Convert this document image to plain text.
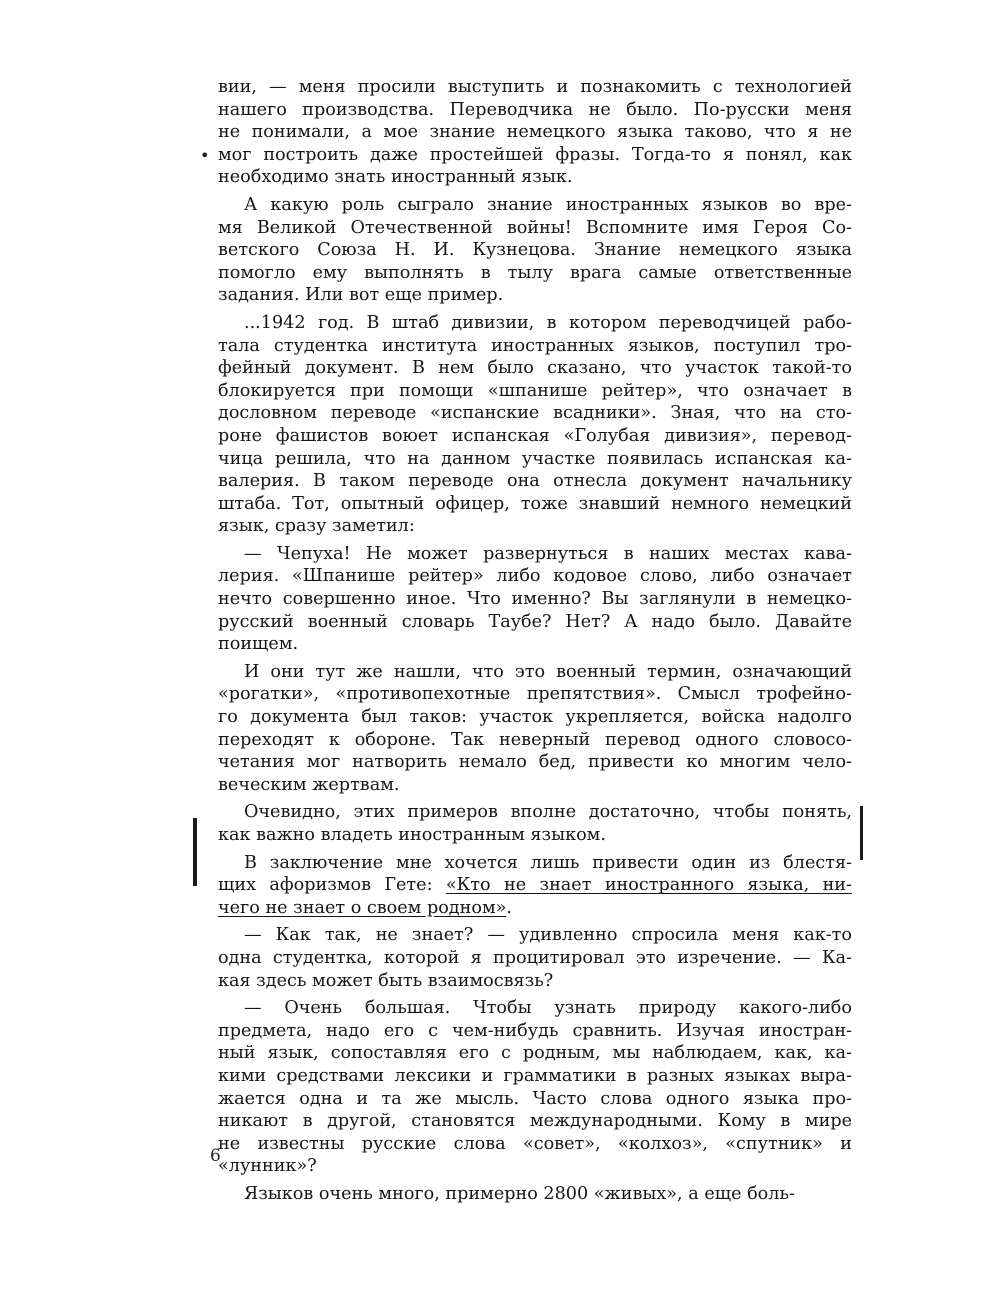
вии, — меня просили выступить и познакомить с технологией
нашего производства. Переводчика не было. По-русски меня
не понимали, а мое знание немецкого языка таково, что я не
мог построить даже простейшей фразы. Тогда-то я понял, как
необходимо знать иностранный язык.
А какую роль сыграло знание иностранных языков во вре-
мя Великой Отечественной войны! Вспомните имя Героя Со-
ветского Союза Н. И. Кузнецова. Знание немецкого языка
помогло ему выполнять в тылу врага самые ответственные
задания. Или вот еще пример.
...1942 год. В штаб дивизии, в котором переводчицей рабо-
тала студентка института иностранных языков, поступил тро-
фейный документ. В нем было сказано, что участок такой-то
блокируется при помощи «шпанише рейтер», что означает в
дословном переводе «испанские всадники». Зная, что на сто-
роне фашистов воюет испанская «Голубая дивизия», перевод-
чица решила, что на данном участке появилась испанская ка-
валерия. В таком переводе она отнесла документ начальнику
штаба. Тот, опытный офицер, тоже знавший немного немецкий
язык, сразу заметил:
— Чепуха! Не может развернуться в наших местах кава-
лерия. «Шпанише рейтер» либо кодовое слово, либо означает
нечто совершенно иное. Что именно? Вы заглянули в немецко-
русский военный словарь Таубе? Нет? А надо было. Давайте
поищем.
И они тут же нашли, что это военный термин, означающий
«рогатки», «противопехотные препятствия». Смысл трофейно-
го документа был таков: участок укрепляется, войска надолго
переходят к обороне. Так неверный перевод одного словосо-
четания мог натворить немало бед, привести ко многим чело-
веческим жертвам.
Очевидно, этих примеров вполне достаточно, чтобы понять,
как важно владеть иностранным языком.
В заключение мне хочется лишь привести один из блестя-
щих афоризмов Гете: «Кто не знает иностранного языка, ни-
чего не знает о своем родном».
— Как так, не знает? — удивленно спросила меня как-то
одна студентка, которой я процитировал это изречение. — Ка-
кая здесь может быть взаимосвязь?
— Очень большая. Чтобы узнать природу какого-либо
предмета, надо его с чем-нибудь сравнить. Изучая иностран-
ный язык, сопоставляя его с родным, мы наблюдаем, как, ка-
кими средствами лексики и грамматики в разных языках выра-
жается одна и та же мысль. Часто слова одного языка про-
никают в другой, становятся международными. Кому в мире
не известны русские слова «совет», «колхоз», «спутник» и
«лунник»?
Языков очень много, примерно 2800 «живых», а еще боль-
•
6
